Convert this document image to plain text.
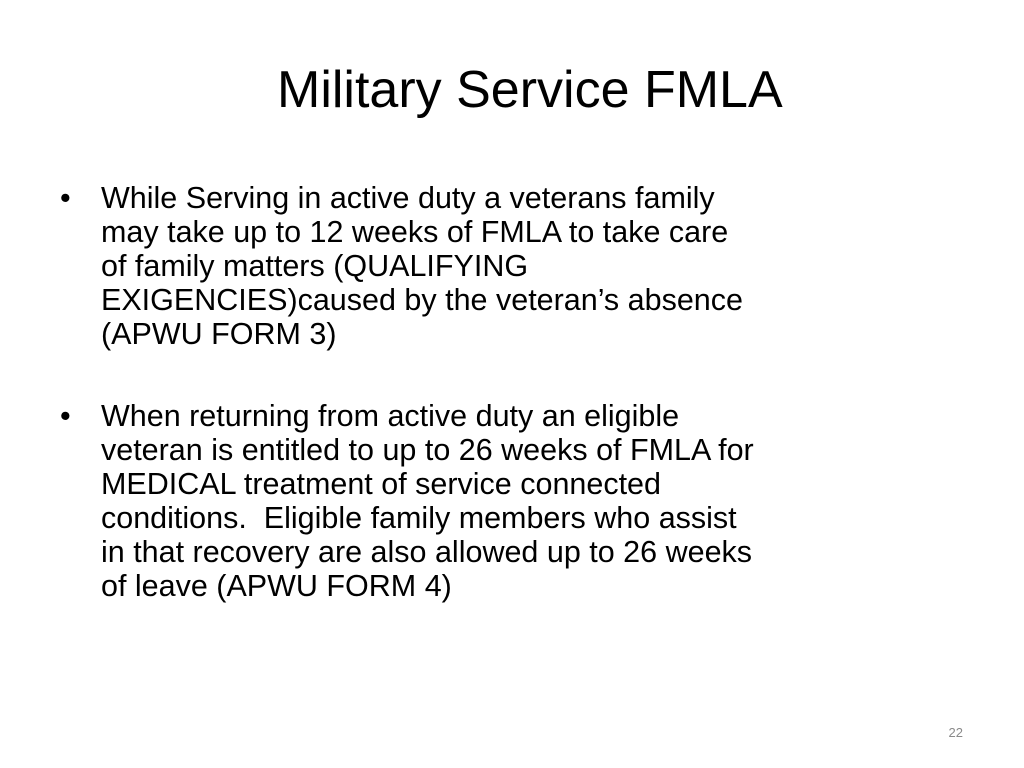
Military Service FMLA
• While Serving in active duty a veterans family
may take up to 12 weeks of FMLA to take care
of family matters (QUALIFYING
EXIGENCIES)caused by the veteran’s absence
(APWU FORM 3)
• When returning from active duty an eligible
veteran is entitled to up to 26 weeks of FMLA for
MEDICAL treatment of service connected
conditions.  Eligible family members who assist
in that recovery are also allowed up to 26 weeks
of leave (APWU FORM 4)
22
